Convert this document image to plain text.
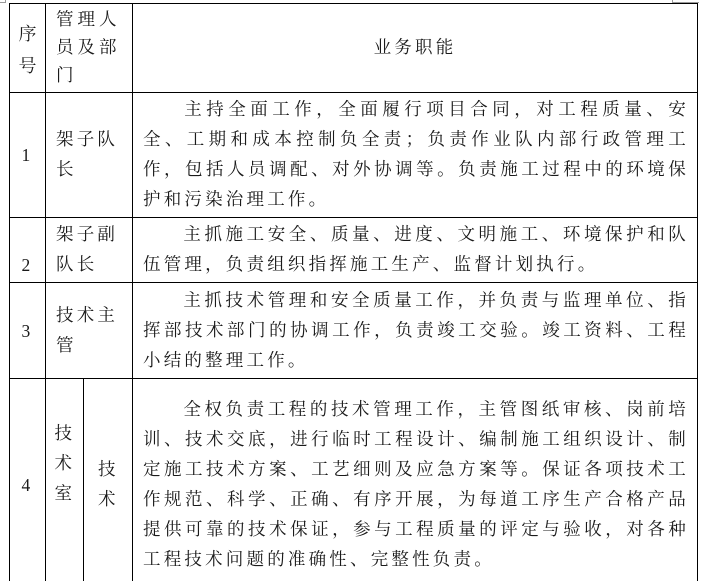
序号	管理人员及部门		业务职能
1	架子队长		主持全面工作，全面履行项目合同，对工程质量、安全、工期和成本控制负全责；负责作业队内部行政管理工作，包括人员调配、对外协调等。负责施工过程中的环境保护和污染治理工作。
2	架子副队长		主抓施工安全、质量、进度、文明施工、环境保护和队伍管理，负责组织指挥施工生产、监督计划执行。
3	技术主管		主抓技术管理和安全质量工作，并负责与监理单位、指挥部技术部门的协调工作，负责竣工交验。竣工资料、工程小结的整理工作。
4	技术室	技术	全权负责工程的技术管理工作，主管图纸审核、岗前培训、技术交底，进行临时工程设计、编制施工组织设计、制定施工技术方案、工艺细则及应急方案等。保证各项技术工作规范、科学、正确、有序开展，为每道工序生产合格产品提供可靠的技术保证，参与工程质量的评定与验收，对各种工程技术问题的准确性、完整性负责。
